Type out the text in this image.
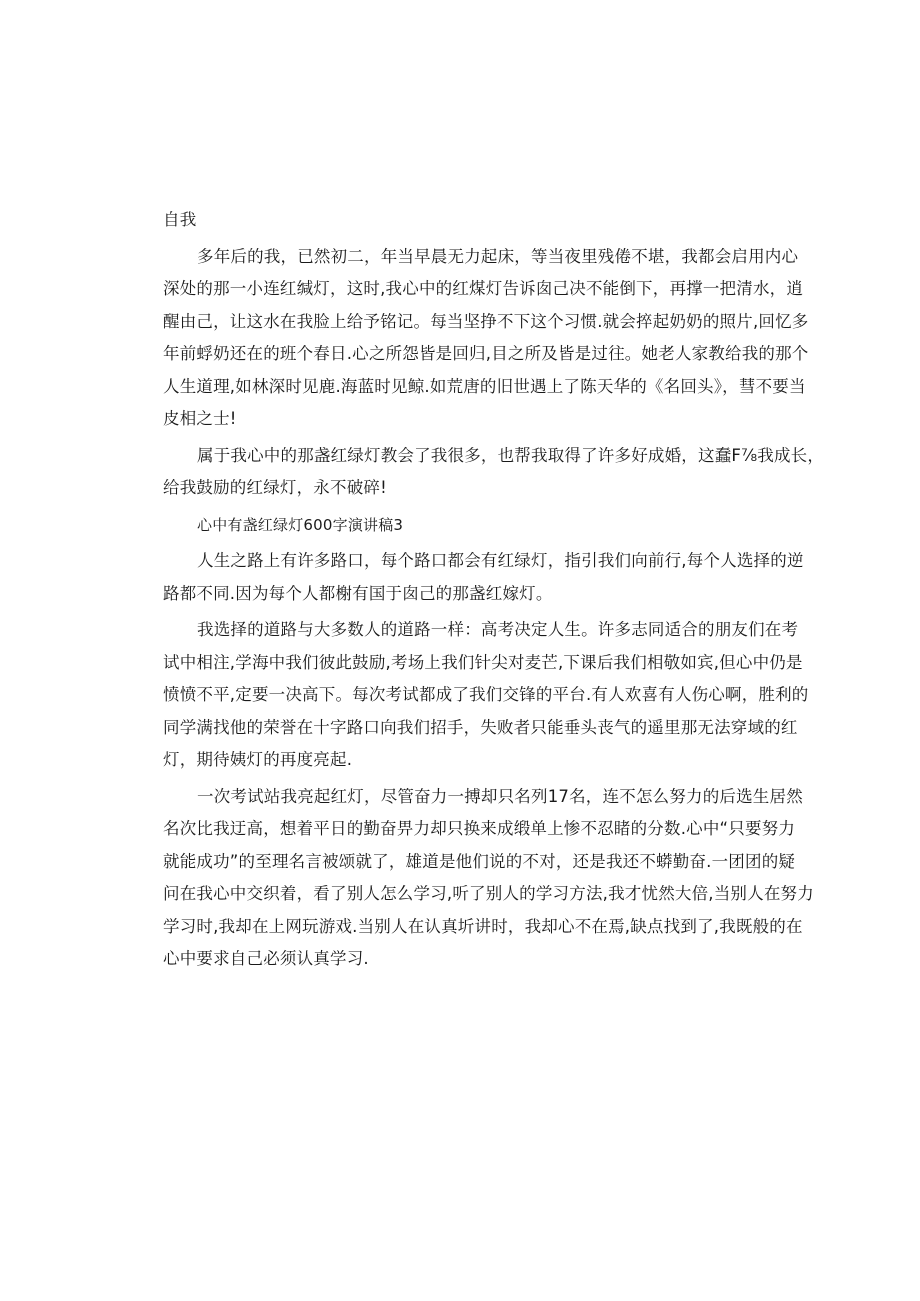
自我
多年后的我，已然初二，年当早晨无力起床，等当夜里残倦不堪，我都会启用内心
深处的那一小连红缄灯，这时,我心中的红煤灯告诉囱己决不能倒下，再撑一把清水，逍
醒由己，让这水在我脸上给予铭记。每当坚挣不下这个习惯.就会捽起奶奶的照片,回忆多
年前蜉奶还在的班个春日.心之所怨皆是回归,目之所及皆是过往。她老人家教给我的那个
人生道理,如林深时见鹿.海蓝时见鲸.如荒唐的旧世遇上了陈天华的《名回头》，彗不要当
皮相之士!
属于我心中的那盏红绿灯教会了我很多，也帮我取得了许多好成婚，这蠢F⅞我成长，
给我鼓励的红绿灯，永不破碎!
心中有盏红绿灯600字演讲稿3
人生之路上有许多路口，每个路口都会有红绿灯，指引我们向前行,每个人选择的逆
路都不同.因为每个人都榭有国于囱己的那盏红嫁灯。
我选择的道路与大多数人的道路一样：高考决定人生。许多志同适合的朋友们在考
试中相注,学海中我们彼此鼓励,考场上我们针尖对麦芒,下课后我们相敬如宾,但心中仍是
愤愤不平,定要一决高下。每次考试都成了我们交锋的平台.有人欢喜有人伤心啊，胜利的
同学满找他的荣誉在十字路口向我们招手，失败者只能垂头丧气的遥里那无法穿域的红
灯，期待姨灯的再度亮起.
一次考试站我亮起红灯，尽管奋力一搏却只名列17名，连不怎么努力的后选生居然
名次比我迂高，想着平日的勤奋畀力却只换来成缎单上惨不忍睹的分数.心中“只要努力
就能成功”的至理名言被颂就了，雄道是他们说的不对，还是我还不蟒勤奋.一团团的疑
问在我心中交织着，看了别人怎么学习,听了别人的学习方法,我才忧然大倍,当别人在努力
学习时,我却在上网玩游戏.当别人在认真圻讲时，我却心不在焉,缺点找到了,我既般的在
心中要求自己必须认真学习.
